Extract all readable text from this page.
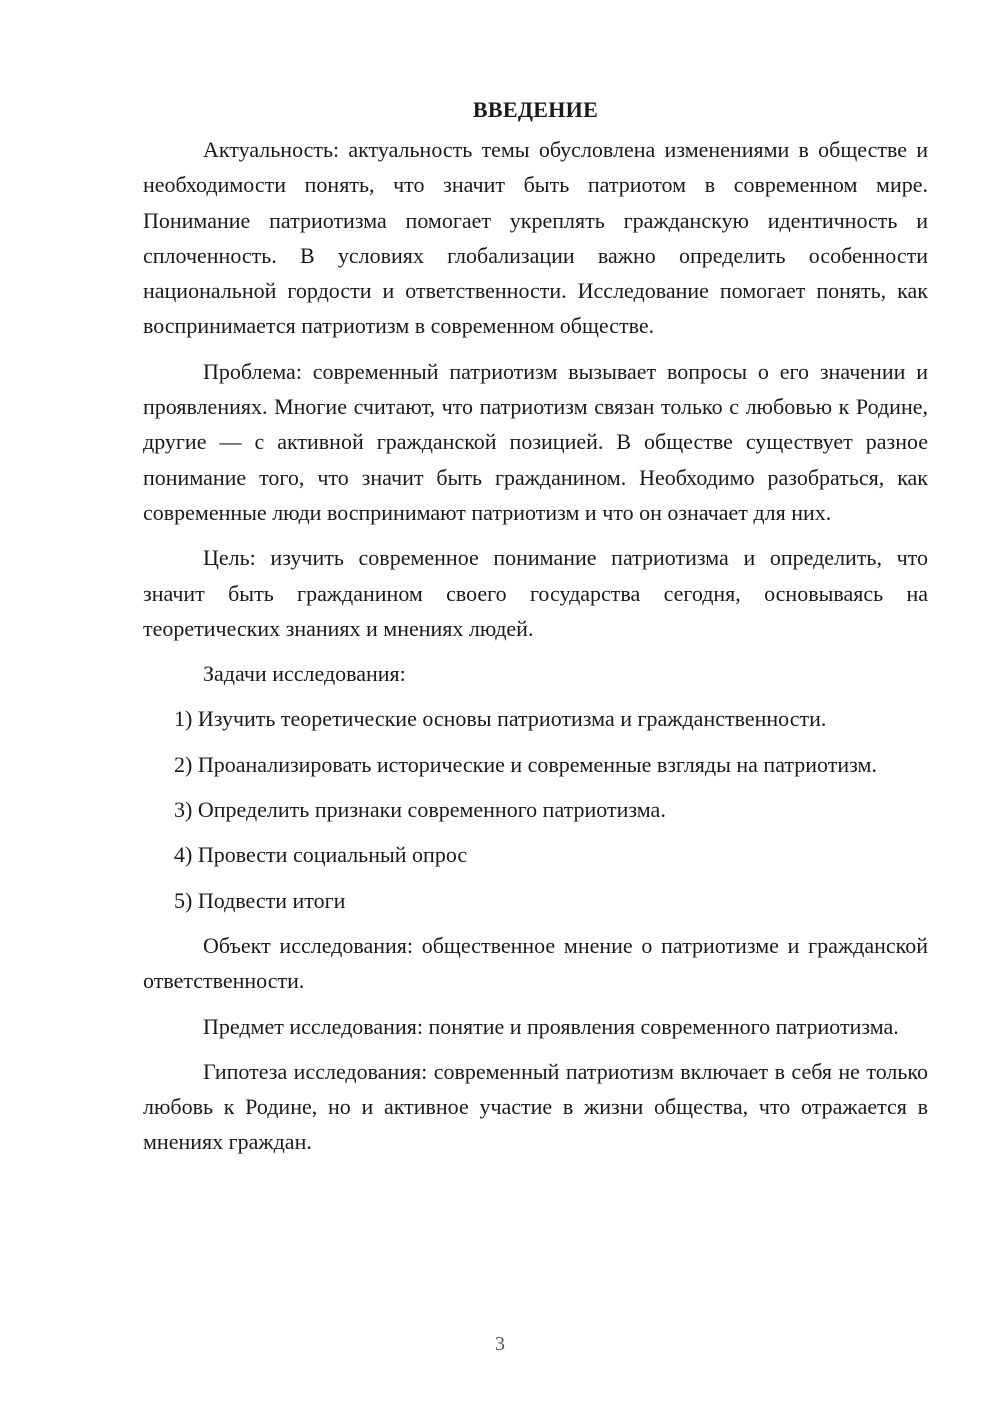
ВВЕДЕНИЕ

Актуальность: актуальность темы обусловлена изменениями в обществе и необходимости понять, что значит быть патриотом в современном мире. Понимание патриотизма помогает укреплять гражданскую идентичность и сплоченность. В условиях глобализации важно определить особенности национальной гордости и ответственности. Исследование помогает понять, как воспринимается патриотизм в современном обществе.

Проблема: современный патриотизм вызывает вопросы о его значении и проявлениях. Многие считают, что патриотизм связан только с любовью к Родине, другие — с активной гражданской позицией. В обществе существует разное понимание того, что значит быть гражданином. Необходимо разобраться, как современные люди воспринимают патриотизм и что он означает для них.

Цель: изучить современное понимание патриотизма и определить, что значит быть гражданином своего государства сегодня, основываясь на теоретических знаниях и мнениях людей.

Задачи исследования:

1) Изучить теоретические основы патриотизма и гражданственности.

2) Проанализировать исторические и современные взгляды на патриотизм.

3) Определить признаки современного патриотизма.

4) Провести социальный опрос

5) Подвести итоги

Объект исследования: общественное мнение о патриотизме и гражданской ответственности.

Предмет исследования: понятие и проявления современного патриотизма.

Гипотеза исследования: современный патриотизм включает в себя не только любовь к Родине, но и активное участие в жизни общества, что отражается в мнениях граждан.

3
